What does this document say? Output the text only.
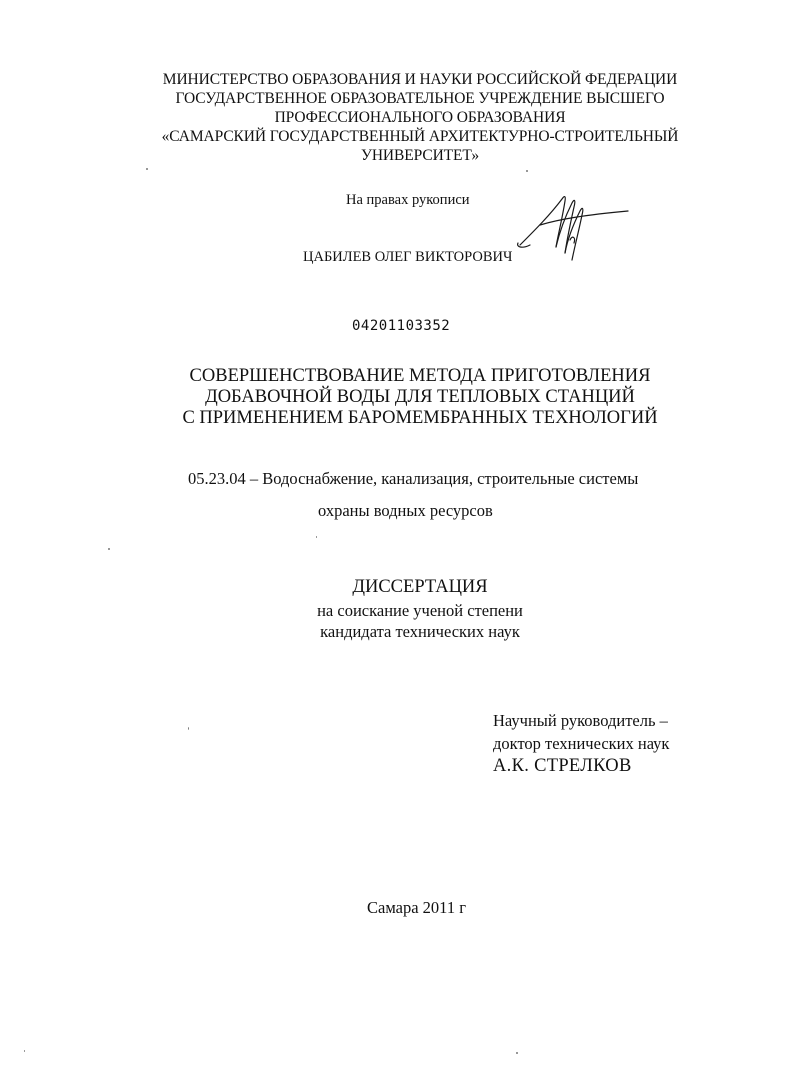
МИНИСТЕРСТВО ОБРАЗОВАНИЯ И НАУКИ РОССИЙСКОЙ ФЕДЕРАЦИИ
ГОСУДАРСТВЕННОЕ ОБРАЗОВАТЕЛЬНОЕ УЧРЕЖДЕНИЕ ВЫСШЕГО
ПРОФЕССИОНАЛЬНОГО ОБРАЗОВАНИЯ
«САМАРСКИЙ ГОСУДАРСТВЕННЫЙ АРХИТЕКТУРНО-СТРОИТЕЛЬНЫЙ
УНИВЕРСИТЕТ»
На правах рукописи
ЦАБИЛЕВ ОЛЕГ ВИКТОРОВИЧ
04201103352
СОВЕРШЕНСТВОВАНИЕ МЕТОДА ПРИГОТОВЛЕНИЯ
ДОБАВОЧНОЙ ВОДЫ ДЛЯ ТЕПЛОВЫХ СТАНЦИЙ
С ПРИМЕНЕНИЕМ БАРОМЕМБРАННЫХ ТЕХНОЛОГИЙ
05.23.04 – Водоснабжение, канализация, строительные системы
охраны водных ресурсов
ДИССЕРТАЦИЯ
на соискание ученой степени
кандидата технических наук
Научный руководитель –
доктор технических наук
А.К. СТРЕЛКОВ
Самара 2011 г
